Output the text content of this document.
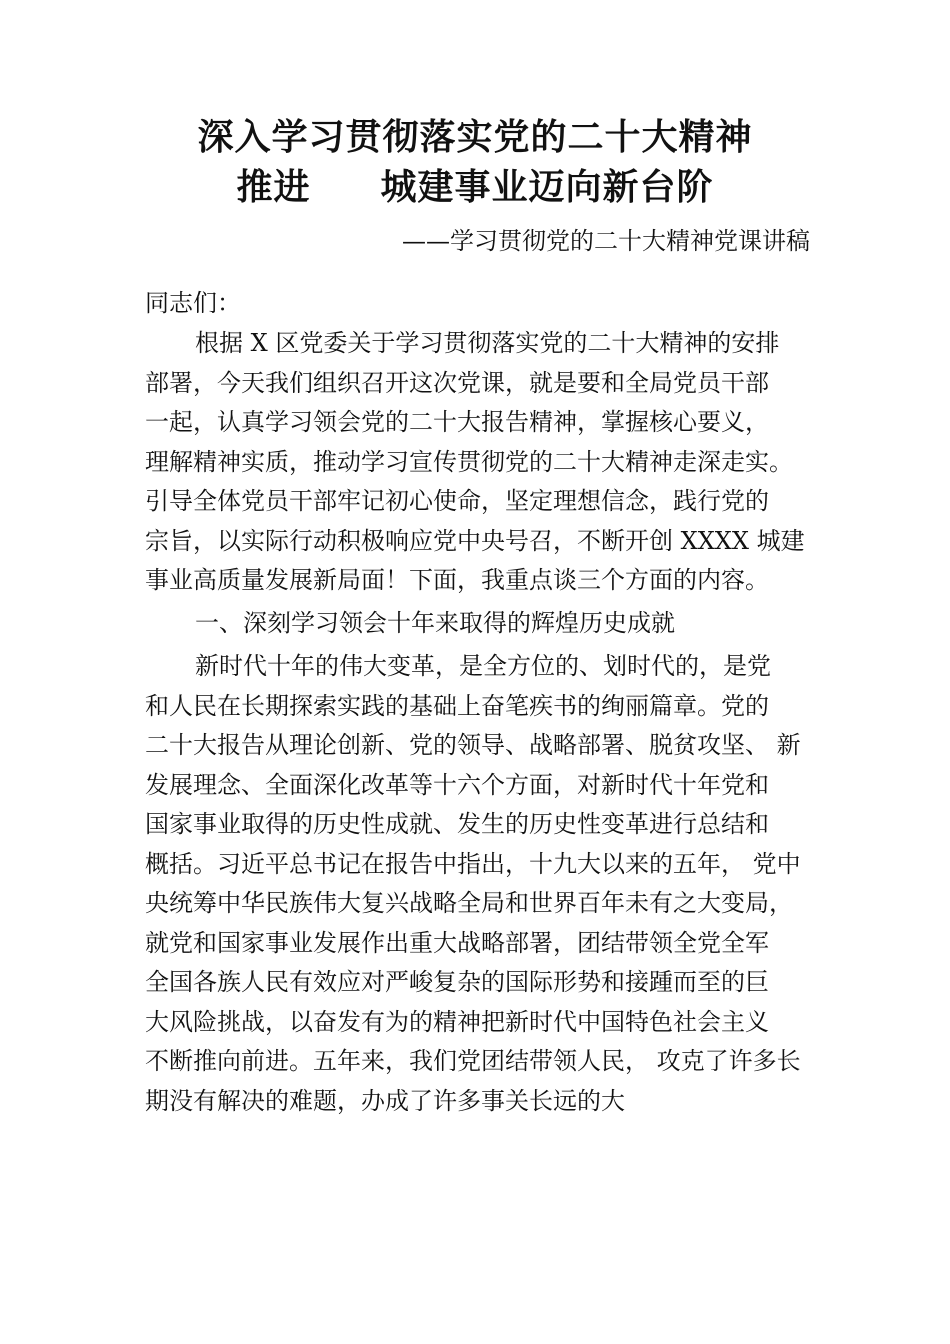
深入学习贯彻落实党的二十大精神
推进 城建事业迈向新台阶
——学习贯彻党的二十大精神党课讲稿
同志们：
根据 X 区党委关于学习贯彻落实党的二十大精神的安排
部署，今天我们组织召开这次党课，就是要和全局党员干部
一起，认真学习领会党的二十大报告精神，掌握核心要义，
理解精神实质，推动学习宣传贯彻党的二十大精神走深走实。
引导全体党员干部牢记初心使命，坚定理想信念，践行党的
宗旨，以实际行动积极响应党中央号召，不断开创 XXXX 城建
事业高质量发展新局面！下面，我重点谈三个方面的内容。
一、深刻学习领会十年来取得的辉煌历史成就
新时代十年的伟大变革，是全方位的、划时代的，是党
和人民在长期探索实践的基础上奋笔疾书的绚丽篇章。党的
二十大报告从理论创新、党的领导、战略部署、脱贫攻坚、 新
发展理念、全面深化改革等十六个方面，对新时代十年党和
国家事业取得的历史性成就、发生的历史性变革进行总结和
概括。习近平总书记在报告中指出，十九大以来的五年， 党中
央统筹中华民族伟大复兴战略全局和世界百年未有之大变局，
就党和国家事业发展作出重大战略部署，团结带领全党全军
全国各族人民有效应对严峻复杂的国际形势和接踵而至的巨
大风险挑战，以奋发有为的精神把新时代中国特色社会主义
不断推向前进。五年来，我们党团结带领人民， 攻克了许多长
期没有解决的难题，办成了许多事关长远的大
